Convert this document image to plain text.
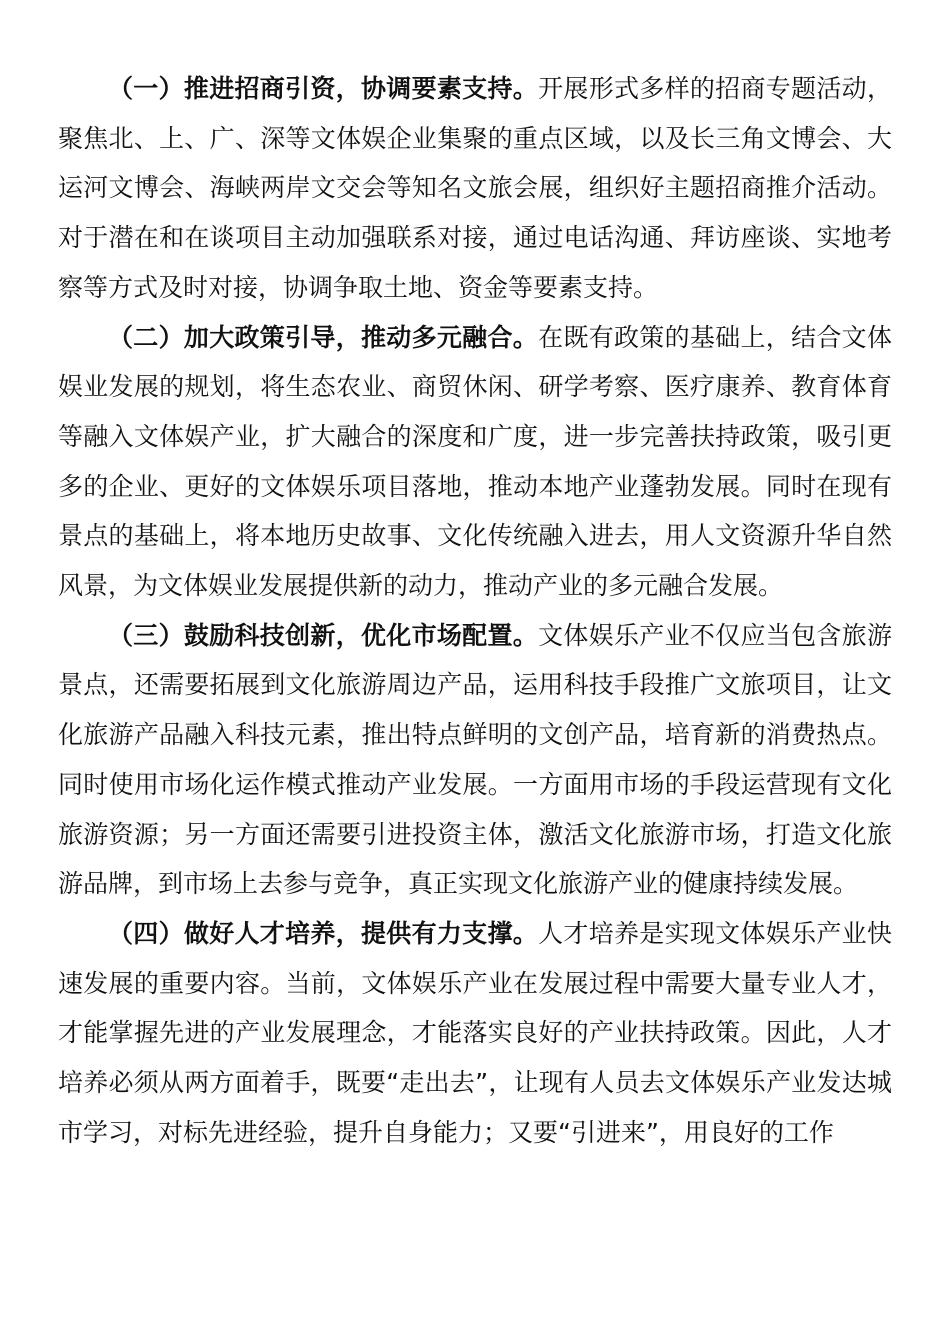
（一）推进招商引资，协调要素支持。开展形式多样的招商专题活动，聚焦北、上、广、深等文体娱企业集聚的重点区域，以及长三角文博会、大运河文博会、海峡两岸文交会等知名文旅会展，组织好主题招商推介活动。对于潜在和在谈项目主动加强联系对接，通过电话沟通、拜访座谈、实地考察等方式及时对接，协调争取土地、资金等要素支持。

（二）加大政策引导，推动多元融合。在既有政策的基础上，结合文体娱业发展的规划，将生态农业、商贸休闲、研学考察、医疗康养、教育体育等融入文体娱产业，扩大融合的深度和广度，进一步完善扶持政策，吸引更多的企业、更好的文体娱乐项目落地，推动本地产业蓬勃发展。同时在现有景点的基础上，将本地历史故事、文化传统融入进去，用人文资源升华自然风景，为文体娱业发展提供新的动力，推动产业的多元融合发展。

（三）鼓励科技创新，优化市场配置。文体娱乐产业不仅应当包含旅游景点，还需要拓展到文化旅游周边产品，运用科技手段推广文旅项目，让文化旅游产品融入科技元素，推出特点鲜明的文创产品，培育新的消费热点。同时使用市场化运作模式推动产业发展。一方面用市场的手段运营现有文化旅游资源；另一方面还需要引进投资主体，激活文化旅游市场，打造文化旅游品牌，到市场上去参与竞争，真正实现文化旅游产业的健康持续发展。

（四）做好人才培养，提供有力支撑。人才培养是实现文体娱乐产业快速发展的重要内容。当前，文体娱乐产业在发展过程中需要大量专业人才，才能掌握先进的产业发展理念，才能落实良好的产业扶持政策。因此，人才培养必须从两方面着手，既要“走出去”，让现有人员去文体娱乐产业发达城市学习，对标先进经验，提升自身能力；又要“引进来”，用良好的工作
